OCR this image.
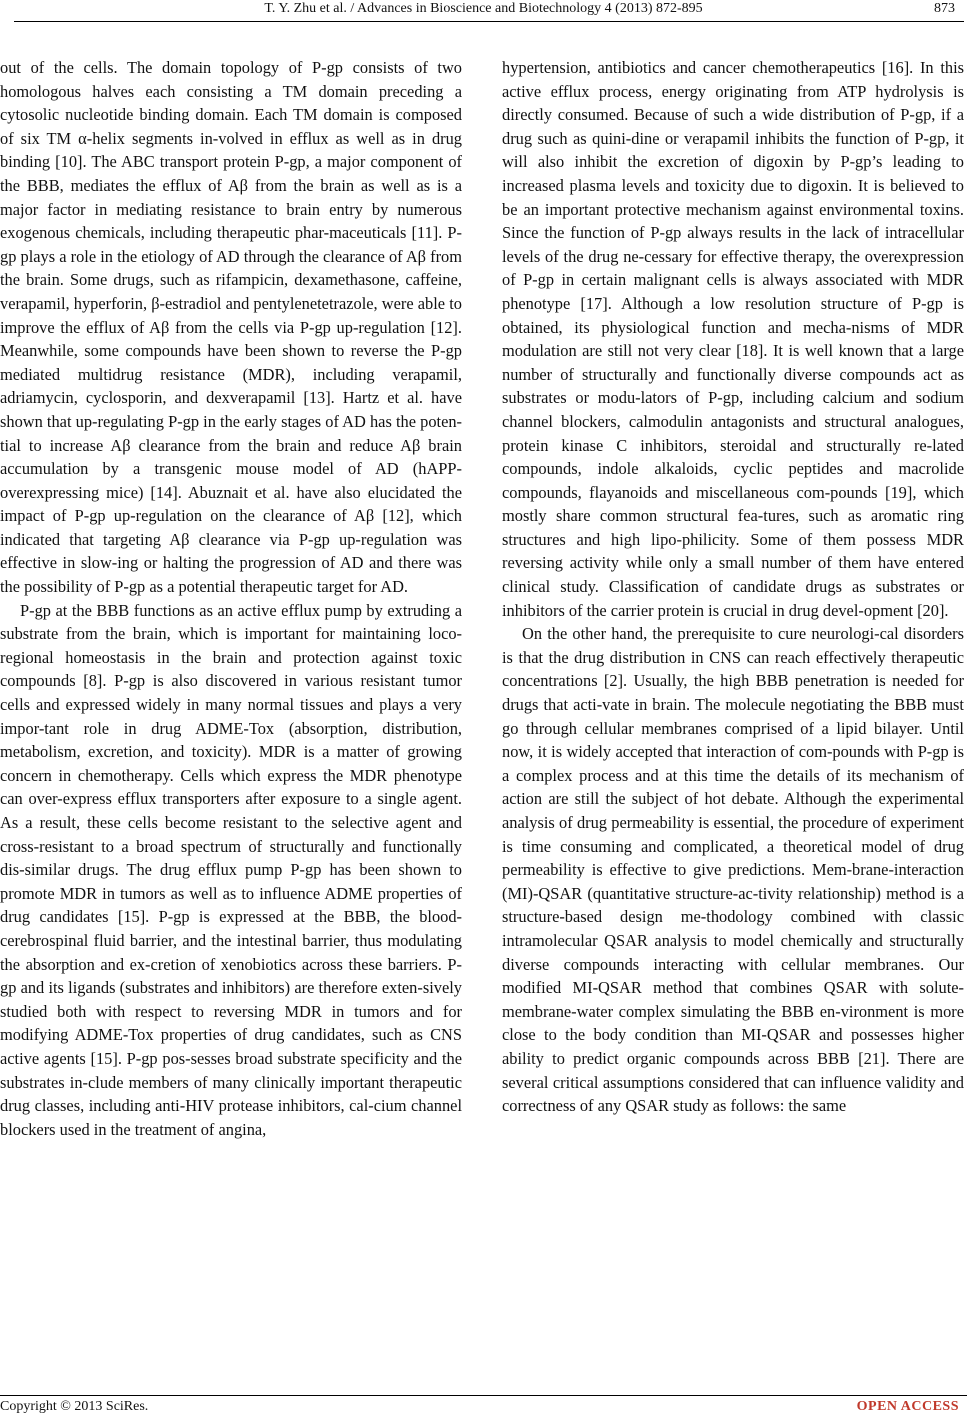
T. Y. Zhu et al. / Advances in Bioscience and Biotechnology 4 (2013) 872-895	873

out of the cells. The domain topology of P-gp consists of two homologous halves each consisting a TM domain preceding a cytosolic nucleotide binding domain. Each TM domain is composed of six TM α-helix segments in-volved in efflux as well as in drug binding [10]. The ABC transport protein P-gp, a major component of the BBB, mediates the efflux of Aβ from the brain as well as is a major factor in mediating resistance to brain entry by numerous exogenous chemicals, including therapeutic phar-maceuticals [11]. P-gp plays a role in the etiology of AD through the clearance of Aβ from the brain. Some drugs, such as rifampicin, dexamethasone, caffeine, verapamil, hyperforin, β-estradiol and pentylenetetrazole, were able to improve the efflux of Aβ from the cells via P-gp up-regulation [12]. Meanwhile, some compounds have been shown to reverse the P-gp mediated multidrug resistance (MDR), including verapamil, adriamycin, cyclosporin, and dexverapamil [13]. Hartz et al. have shown that up-regulating P-gp in the early stages of AD has the poten-tial to increase Aβ clearance from the brain and reduce Aβ brain accumulation by a transgenic mouse model of AD (hAPP-overexpressing mice) [14]. Abuznait et al. have also elucidated the impact of P-gp up-regulation on the clearance of Aβ [12], which indicated that targeting Aβ clearance via P-gp up-regulation was effective in slow-ing or halting the progression of AD and there was the possibility of P-gp as a potential therapeutic target for AD.

P-gp at the BBB functions as an active efflux pump by extruding a substrate from the brain, which is important for maintaining loco-regional homeostasis in the brain and protection against toxic compounds [8]. P-gp is also discovered in various resistant tumor cells and expressed widely in many normal tissues and plays a very impor-tant role in drug ADME-Tox (absorption, distribution, metabolism, excretion, and toxicity). MDR is a matter of growing concern in chemotherapy. Cells which express the MDR phenotype can over-express efflux transporters after exposure to a single agent. As a result, these cells become resistant to the selective agent and cross-resistant to a broad spectrum of structurally and functionally dis-similar drugs. The drug efflux pump P-gp has been shown to promote MDR in tumors as well as to influence ADME properties of drug candidates [15]. P-gp is expressed at the BBB, the blood-cerebrospinal fluid barrier, and the intestinal barrier, thus modulating the absorption and ex-cretion of xenobiotics across these barriers. P-gp and its ligands (substrates and inhibitors) are therefore exten-sively studied both with respect to reversing MDR in tumors and for modifying ADME-Tox properties of drug candidates, such as CNS active agents [15]. P-gp pos-sesses broad substrate specificity and the substrates in-clude members of many clinically important therapeutic drug classes, including anti-HIV protease inhibitors, cal-cium channel blockers used in the treatment of angina,

hypertension, antibiotics and cancer chemotherapeutics [16]. In this active efflux process, energy originating from ATP hydrolysis is directly consumed. Because of such a wide distribution of P-gp, if a drug such as quini-dine or verapamil inhibits the function of P-gp, it will also inhibit the excretion of digoxin by P-gp’s leading to increased plasma levels and toxicity due to digoxin. It is believed to be an important protective mechanism against environmental toxins. Since the function of P-gp always results in the lack of intracellular levels of the drug ne-cessary for effective therapy, the overexpression of P-gp in certain malignant cells is always associated with MDR phenotype [17]. Although a low resolution structure of P-gp is obtained, its physiological function and mecha-nisms of MDR modulation are still not very clear [18]. It is well known that a large number of structurally and functionally diverse compounds act as substrates or modu-lators of P-gp, including calcium and sodium channel blockers, calmodulin antagonists and structural analogues, protein kinase C inhibitors, steroidal and structurally re-lated compounds, indole alkaloids, cyclic peptides and macrolide compounds, flayanoids and miscellaneous com-pounds [19], which mostly share common structural fea-tures, such as aromatic ring structures and high lipo-philicity. Some of them possess MDR reversing activity while only a small number of them have entered clinical study. Classification of candidate drugs as substrates or inhibitors of the carrier protein is crucial in drug devel-opment [20].

On the other hand, the prerequisite to cure neurologi-cal disorders is that the drug distribution in CNS can reach effectively therapeutic concentrations [2]. Usually, the high BBB penetration is needed for drugs that acti-vate in brain. The molecule negotiating the BBB must go through cellular membranes comprised of a lipid bilayer. Until now, it is widely accepted that interaction of com-pounds with P-gp is a complex process and at this time the details of its mechanism of action are still the subject of hot debate. Although the experimental analysis of drug permeability is essential, the procedure of experiment is time consuming and complicated, a theoretical model of drug permeability is effective to give predictions. Mem-brane-interaction (MI)-QSAR (quantitative structure-ac-tivity relationship) method is a structure-based design me-thodology combined with classic intramolecular QSAR analysis to model chemically and structurally diverse compounds interacting with cellular membranes. Our modified MI-QSAR method that combines QSAR with solute-membrane-water complex simulating the BBB en-vironment is more close to the body condition than MI-QSAR and possesses higher ability to predict organic compounds across BBB [21]. There are several critical assumptions considered that can influence validity and correctness of any QSAR study as follows: the same

Copyright © 2013 SciRes.	OPEN ACCESS
